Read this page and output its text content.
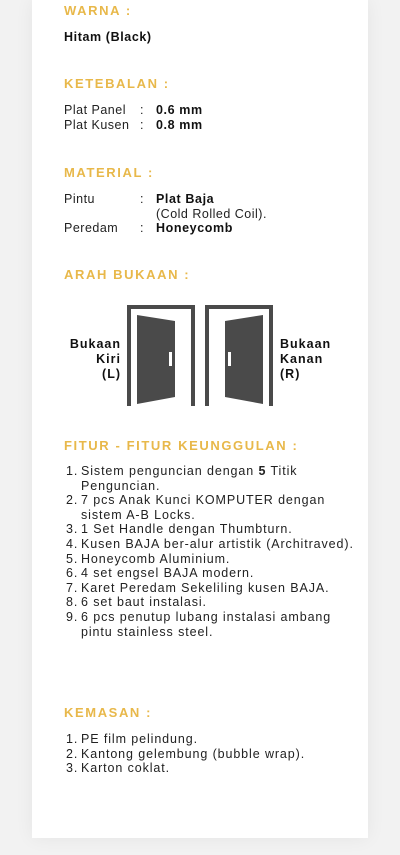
WARNA :
Hitam (Black)
KETEBALAN :
Plat Panel : 0.6 mm
Plat Kusen : 0.8 mm
MATERIAL :
Pintu	: Plat Baja
(Cold Rolled Coil).
Peredam : Honeycomb
ARAH BUKAAN :
Bukaan
Kiri
(L)
Bukaan
Kanan
(R)
FITUR - FITUR KEUNGGULAN :
1. Sistem penguncian dengan 5 Titik Penguncian.
2. 7 pcs Anak Kunci KOMPUTER dengan sistem A-B Locks.
3. 1 Set Handle dengan Thumbturn.
4. Kusen BAJA ber-alur artistik (Architraved).
5. Honeycomb Aluminium.
6. 4 set engsel BAJA modern.
7. Karet Peredam Sekeliling kusen BAJA.
8. 6 set baut instalasi.
9. 6 pcs penutup lubang instalasi ambang pintu stainless steel.
KEMASAN :
1. PE film pelindung.
2. Kantong gelembung (bubble wrap).
3. Karton coklat.
